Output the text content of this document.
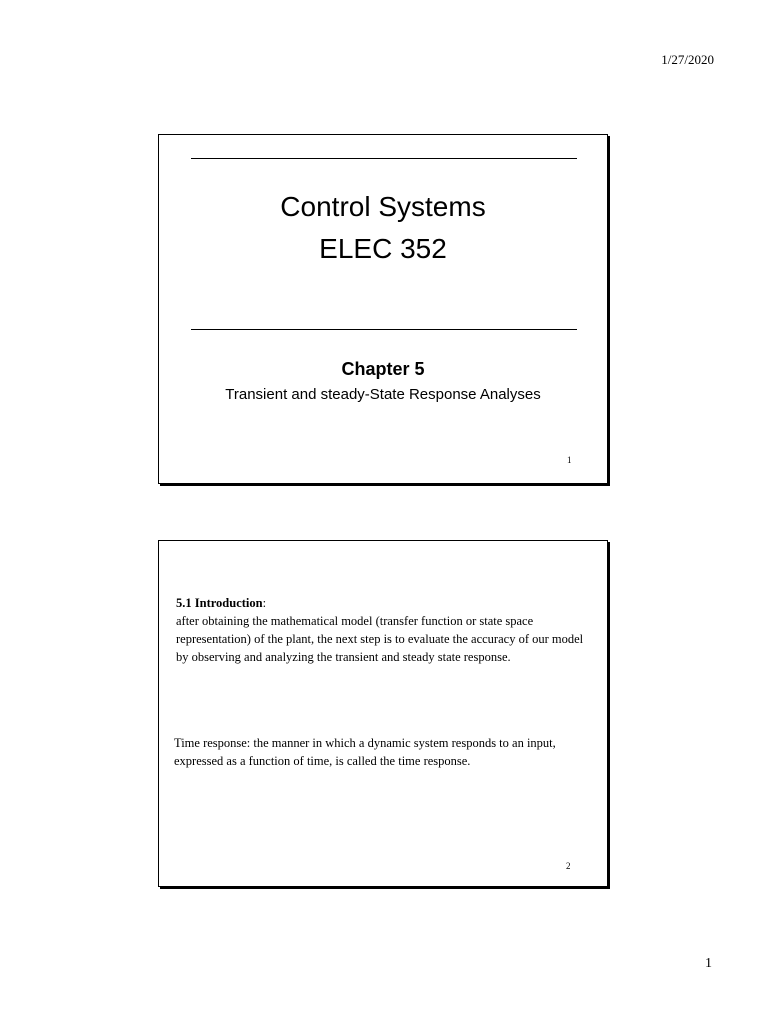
1/27/2020
Control Systems
ELEC 352
Chapter 5
Transient and steady-State Response Analyses
1
5.1 Introduction:
after obtaining the mathematical model (transfer function or state space representation) of the plant, the next step is to evaluate the accuracy of our model by observing and analyzing the transient and steady state response.
Time response: the manner in which a dynamic system responds to an input, expressed as a function of time, is called the time response.
2
1
